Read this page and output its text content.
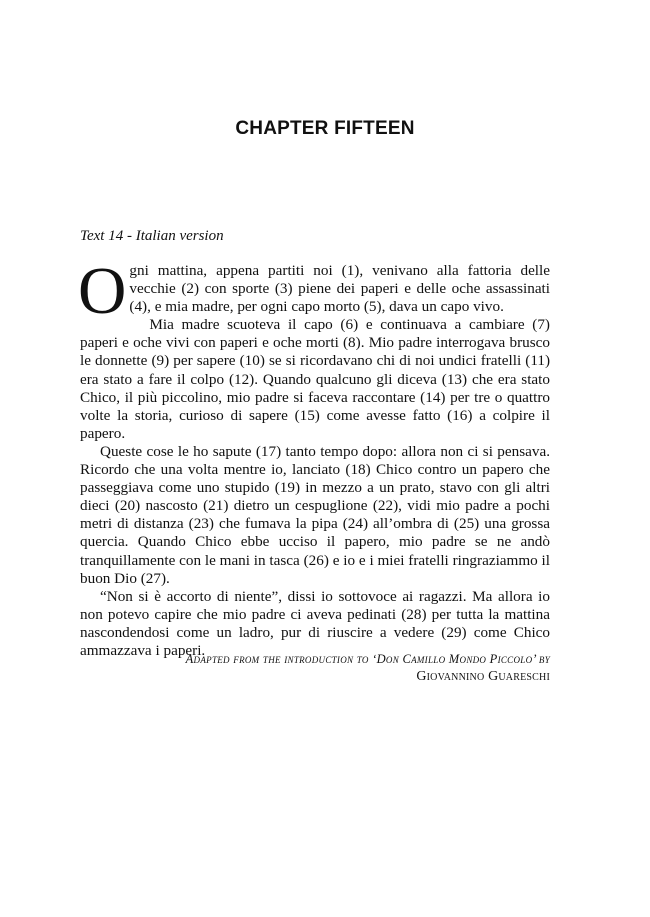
CHAPTER FIFTEEN
Text 14 - Italian version

Ogni mattina, appena partiti noi (1), venivano alla fattoria delle vecchie (2) con sporte (3) piene dei paperi e delle oche assassinati (4), e mia madre, per ogni capo morto (5), dava un capo vivo.

Mia madre scuoteva il capo (6) e continuava a cambiare (7) paperi e oche vivi con paperi e oche morti (8). Mio padre interrogava brusco le donnette (9) per sapere (10) se si ricordavano chi di noi undici fratelli (11) era stato a fare il colpo (12). Quando qualcuno gli diceva (13) che era stato Chico, il più piccolino, mio padre si faceva raccontare (14) per tre o quattro volte la storia, curioso di sapere (15) come avesse fatto (16) a colpire il papero.

Queste cose le ho sapute (17) tanto tempo dopo: allora non ci si pensava. Ricordo che una volta mentre io, lanciato (18) Chico contro un papero che passeggiava come uno stupido (19) in mezzo a un prato, stavo con gli altri dieci (20) nascosto (21) dietro un cespuglione (22), vidi mio padre a pochi metri di distanza (23) che fumava la pipa (24) all’ombra di (25) una grossa quercia. Quando Chico ebbe ucciso il papero, mio padre se ne andò tranquillamente con le mani in tasca (26) e io e i miei fratelli ringraziammo il buon Dio (27).

“Non si è accorto di niente”, dissi io sottovoce ai ragazzi. Ma allora io non potevo capire che mio padre ci aveva pedinati (28) per tutta la mattina nascondendosi come un ladro, pur di riuscire a vedere (29) come Chico ammazzava i paperi.

Adapted from the introduction to ‘Don Camillo Mondo Piccolo’ by
Giovannino Guareschi
